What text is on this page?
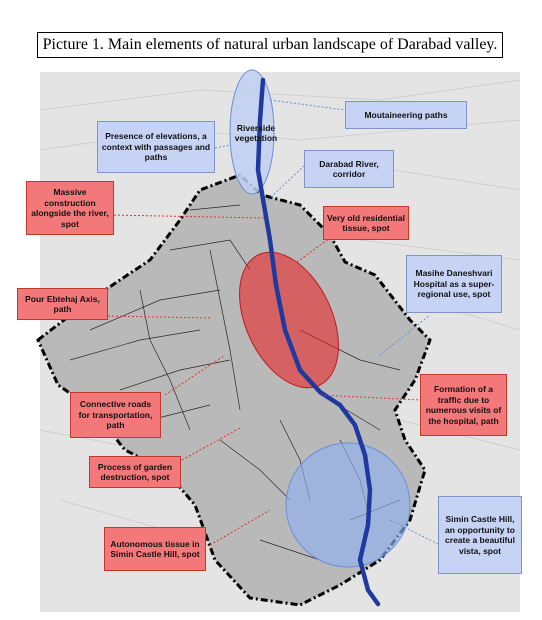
Picture 1. Main elements of natural urban landscape of Darabad valley.
Moutaineering paths
Presence of elevations, a context with passages and paths
Riverside vegetation
Darabad River, corridor
Massive construction alongside the river, spot
Very old residential tissue, spot
Masihe Daneshvari Hospital as a super-regional use, spot
Pour Ebtehaj Axis, path
Connective roads for transportation, path
Formation of a traffic due to numerous visits of the hospital, path
Process of garden destruction, spot
Simin Castle Hill, an opportunity to create a beautiful vista, spot
Autonomous tissue in Simin Castle Hill, spot
